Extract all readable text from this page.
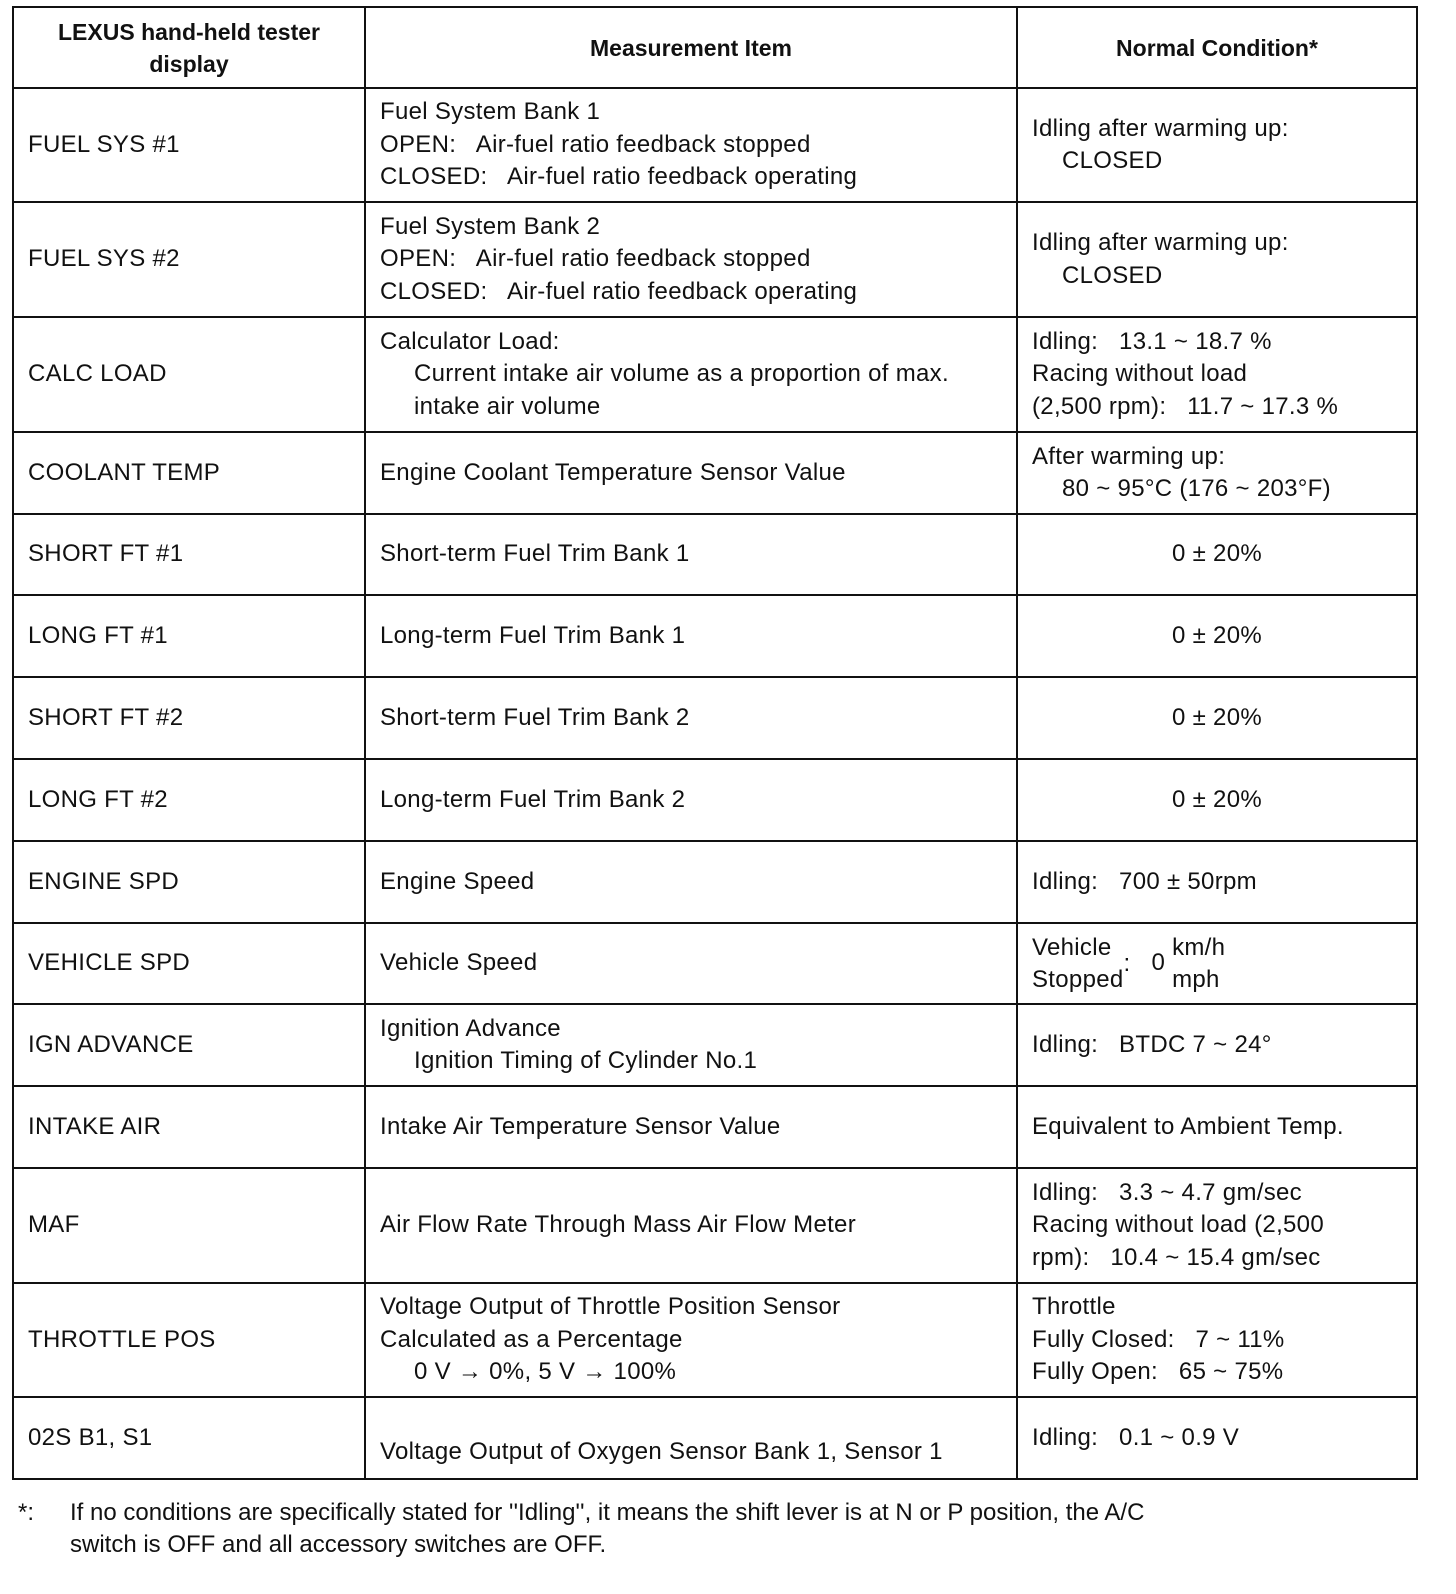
LEXUS hand-held tester display	Measurement Item	Normal Condition*
FUEL SYS #1	Fuel System Bank 1
OPEN:   Air-fuel ratio feedback stopped
CLOSED:   Air-fuel ratio feedback operating	Idling after warming up:
CLOSED

FUEL SYS #2	Fuel System Bank 2
OPEN:   Air-fuel ratio feedback stopped
CLOSED:   Air-fuel ratio feedback operating	Idling after warming up:
CLOSED

CALC LOAD	Calculator Load:
Current intake air volume as a proportion of max.
intake air volume	Idling:   13.1 ~ 18.7 %
Racing without load
(2,500 rpm):   11.7 ~ 17.3 %

COOLANT TEMP	Engine Coolant Temperature Sensor Value	After warming up:
80 ~ 95°C (176 ~ 203°F)

SHORT FT #1	Short-term Fuel Trim Bank 1	0 ± 20%
LONG FT #1	Long-term Fuel Trim Bank 1	0 ± 20%
SHORT FT #2	Short-term Fuel Trim Bank 2	0 ± 20%
LONG FT #2	Long-term Fuel Trim Bank 2	0 ± 20%
ENGINE SPD	Engine Speed	Idling:   700 ± 50rpm
VEHICLE SPD	Vehicle Speed	Vehicle
Stopped
: 0
km/h
mph

IGN ADVANCE	Ignition Advance
Ignition Timing of Cylinder No.1	Idling:   BTDC 7 ~ 24°
INTAKE AIR	Intake Air Temperature Sensor Value	Equivalent to Ambient Temp.
MAF	Air Flow Rate Through Mass Air Flow Meter	Idling:   3.3 ~ 4.7 gm/sec
Racing without load (2,500
rpm):   10.4 ~ 15.4 gm/sec

THROTTLE POS	Voltage Output of Throttle Position Sensor
Calculated as a Percentage
0 V → 0%, 5 V → 100%	Throttle
Fully Closed:   7 ~ 11%
Fully Open:   65 ~ 75%

02S B1, S1	Voltage Output of Oxygen Sensor Bank 1, Sensor 1	Idling:   0.1 ~ 0.9 V
*: If no conditions are specifically stated for ''Idling'', it means the shift lever is at N or P position, the A/C
switch is OFF and all accessory switches are OFF.
